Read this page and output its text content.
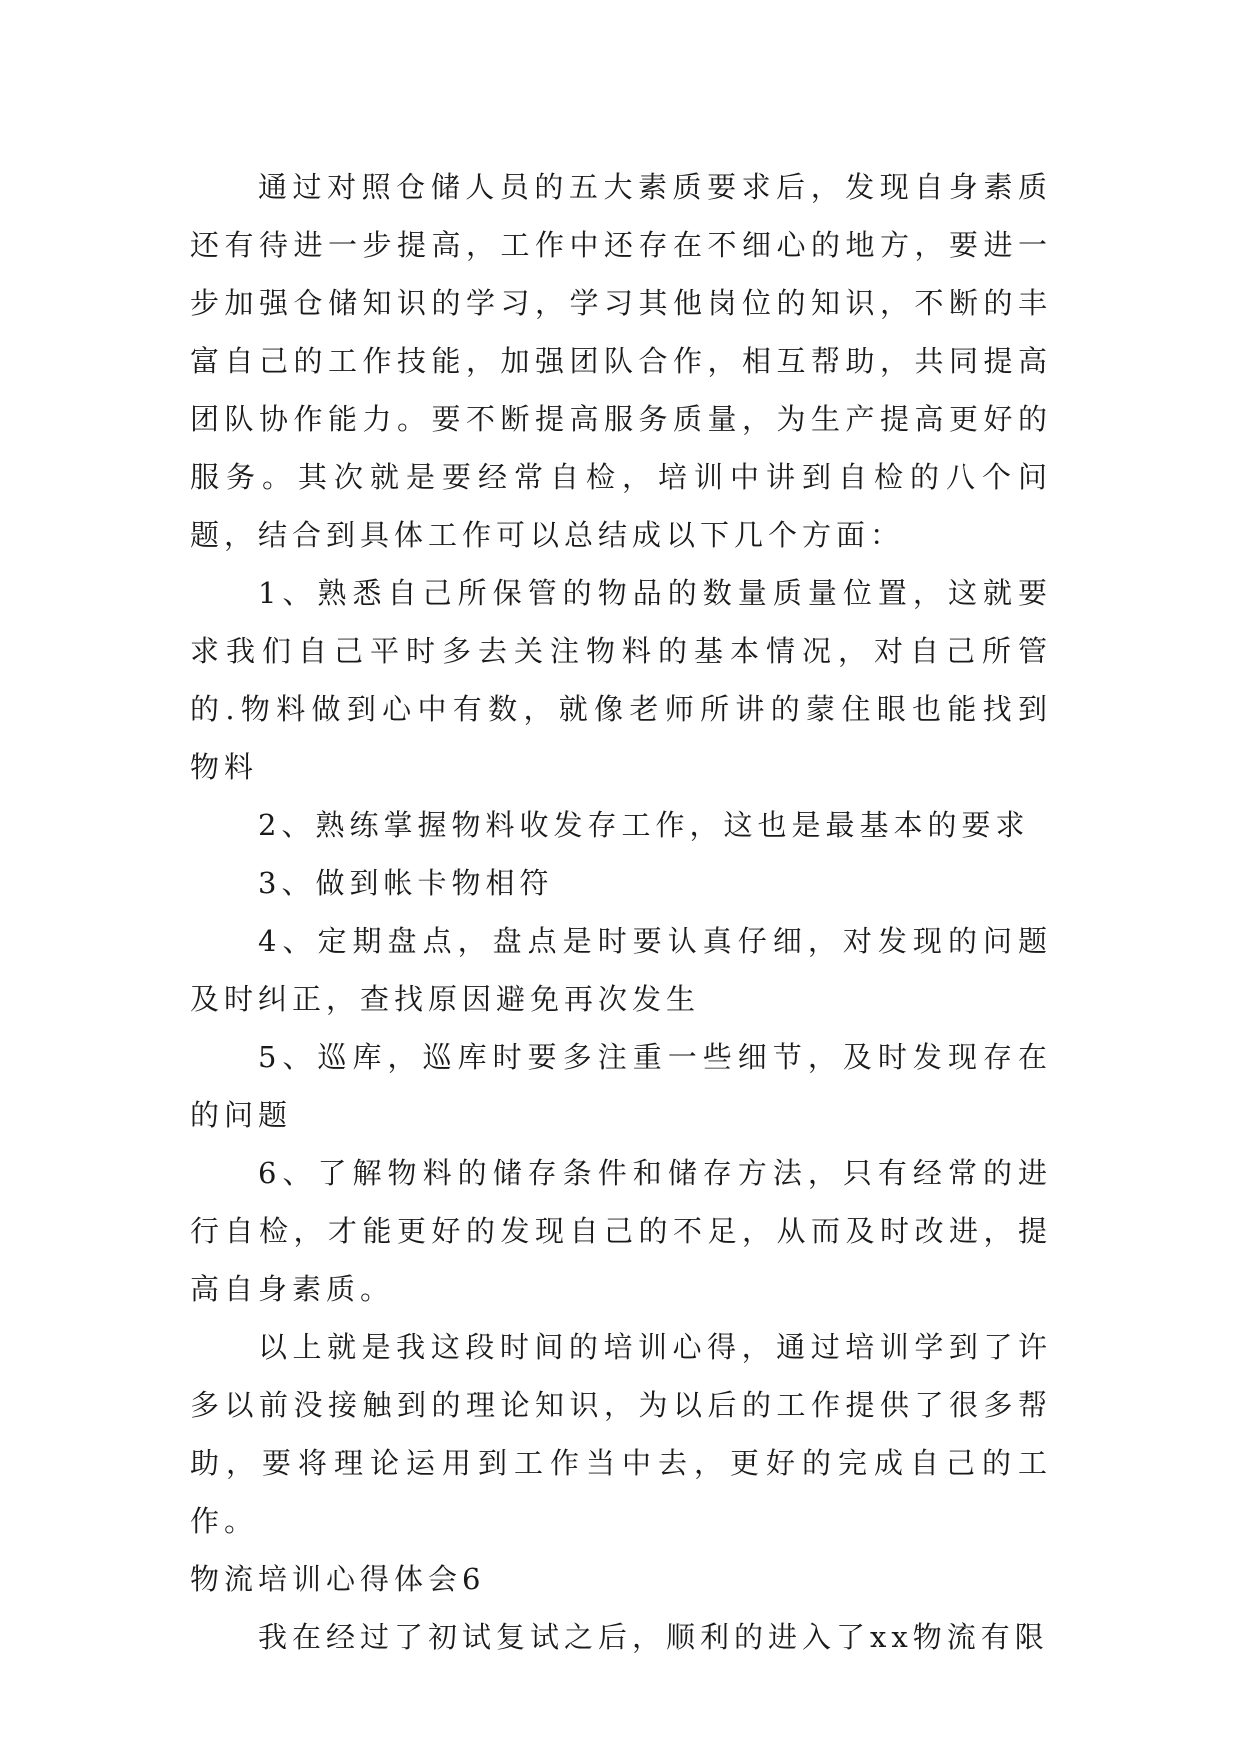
通过对照仓储人员的五大素质要求后，发现自身素质还有待进一步提高，工作中还存在不细心的地方，要进一步加强仓储知识的学习，学习其他岗位的知识，不断的丰富自己的工作技能，加强团队合作，相互帮助，共同提高团队协作能力。要不断提高服务质量，为生产提高更好的服务。其次就是要经常自检，培训中讲到自检的八个问题，结合到具体工作可以总结成以下几个方面：

1、熟悉自己所保管的物品的数量质量位置，这就要求我们自己平时多去关注物料的基本情况，对自己所管的.物料做到心中有数，就像老师所讲的蒙住眼也能找到物料

2、熟练掌握物料收发存工作，这也是最基本的要求

3、做到帐卡物相符

4、定期盘点，盘点是时要认真仔细，对发现的问题及时纠正，查找原因避免再次发生

5、巡库，巡库时要多注重一些细节，及时发现存在的问题

6、了解物料的储存条件和储存方法，只有经常的进行自检，才能更好的发现自己的不足，从而及时改进，提高自身素质。

以上就是我这段时间的培训心得，通过培训学到了许多以前没接触到的理论知识，为以后的工作提供了很多帮助，要将理论运用到工作当中去，更好的完成自己的工作。

物流培训心得体会6

我在经过了初试复试之后，顺利的进入了xx物流有限
